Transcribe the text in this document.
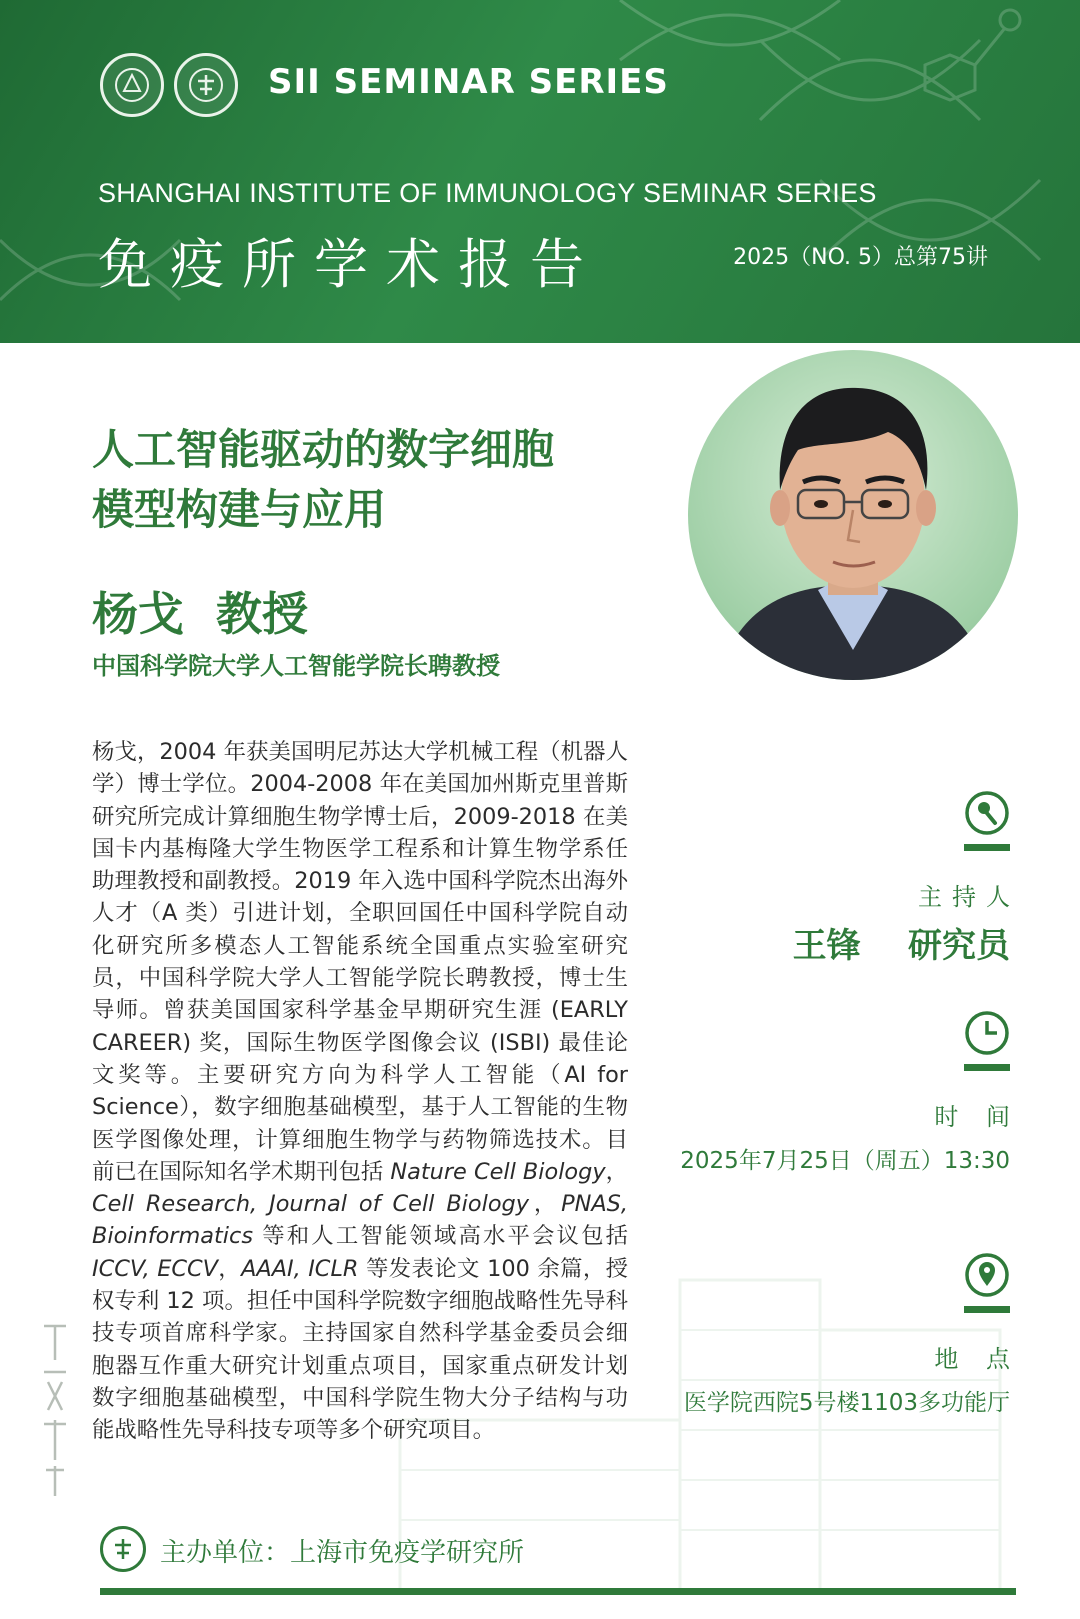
SII SEMINAR SERIES
SHANGHAI INSTITUTE OF IMMUNOLOGY SEMINAR SERIES
免疫所学术报告	2025（NO. 5）总第75讲
人工智能驱动的数字细胞
模型构建与应用
杨戈  教授
中国科学院大学人工智能学院长聘教授
杨戈，2004 年获美国明尼苏达大学机械工程（机器人学）博士学位。2004-2008 年在美国加州斯克里普斯研究所完成计算细胞生物学博士后，2009-2018 在美国卡内基梅隆大学生物医学工程系和计算生物学系任助理教授和副教授。2019 年入选中国科学院杰出海外人才（A 类）引进计划，全职回国任中国科学院自动化研究所多模态人工智能系统全国重点实验室研究员，中国科学院大学人工智能学院长聘教授，博士生导师。曾获美国国家科学基金早期研究生涯 (EARLY CAREER) 奖，国际生物医学图像会议 (ISBI) 最佳论文奖等。主要研究方向为科学人工智能（AI for Science），数字细胞基础模型，基于人工智能的生物医学图像处理，计算细胞生物学与药物筛选技术。目前已在国际知名学术期刊包括 Nature Cell Biology，Cell Research, Journal of Cell Biology，PNAS, Bioinformatics 等和人工智能领域高水平会议包括 ICCV, ECCV，AAAI, ICLR 等发表论文 100 余篇，授权专利 12 项。担任中国科学院数字细胞战略性先导科技专项首席科学家。主持国家自然科学基金委员会细胞器互作重大研究计划重点项目，国家重点研发计划数字细胞基础模型，中国科学院生物大分子结构与功能战略性先导科技专项等多个研究项目。
主持人
王锋    研究员
时 间
2025年7月25日（周五）13:30
地 点
医学院西院5号楼1103多功能厅
主办单位：上海市免疫学研究所
